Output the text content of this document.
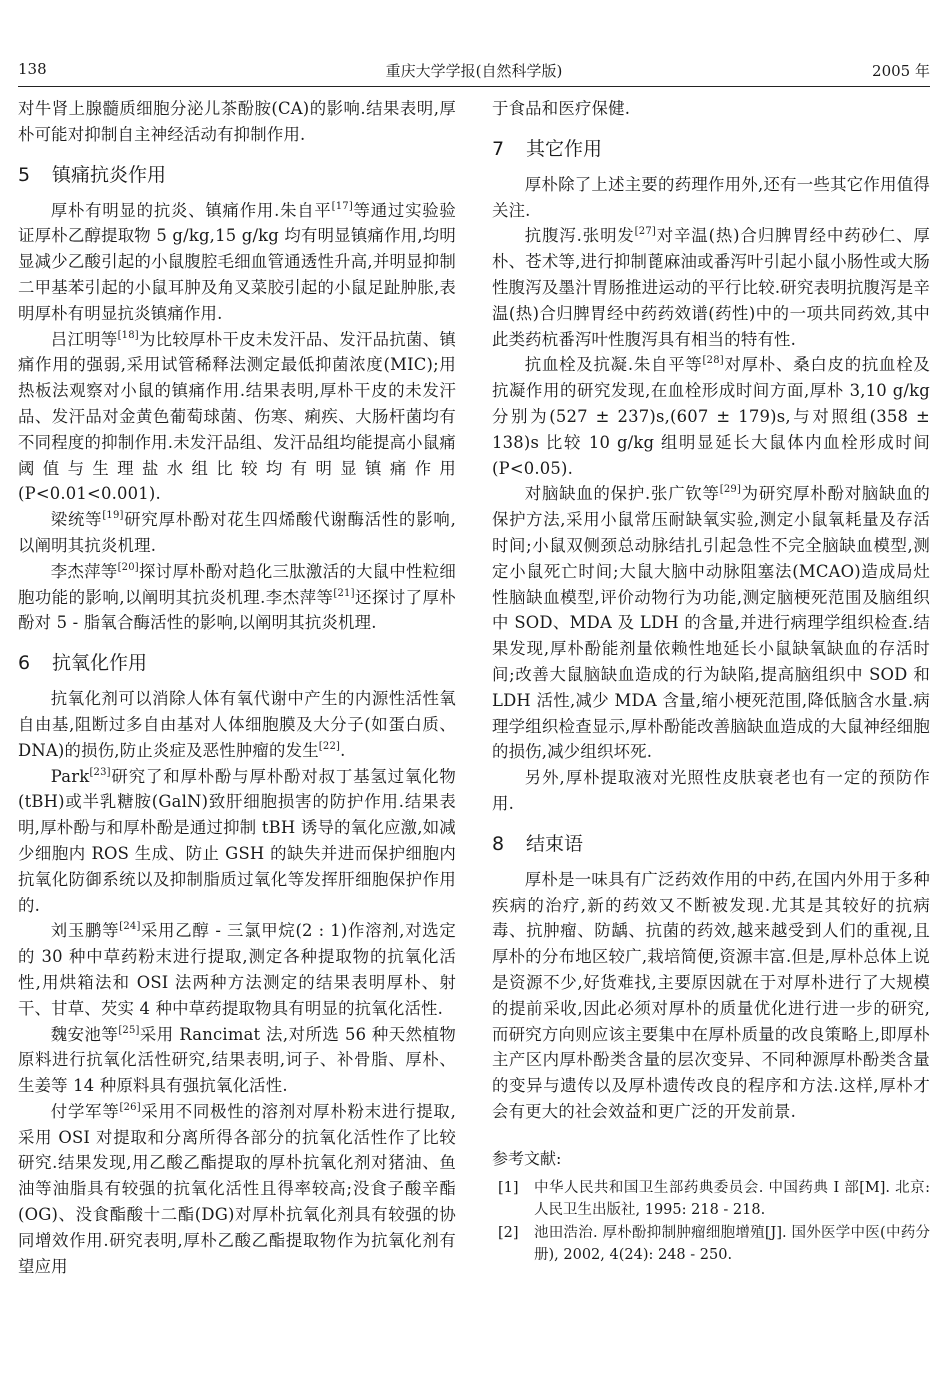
138	重庆大学学报(自然科学版)	2005 年

对牛肾上腺髓质细胞分泌儿茶酚胺(CA)的影响.结果表明,厚朴可能对抑制自主神经活动有抑制作用.

5 镇痛抗炎作用

厚朴有明显的抗炎、镇痛作用.朱自平[17]等通过实验验证厚朴乙醇提取物 5 g/kg,15 g/kg 均有明显镇痛作用,均明显减少乙酸引起的小鼠腹腔毛细血管通透性升高,并明显抑制二甲基苯引起的小鼠耳肿及角叉菜胶引起的小鼠足趾肿胀,表明厚朴有明显抗炎镇痛作用.

吕江明等[18]为比较厚朴干皮未发汗品、发汗品抗菌、镇痛作用的强弱,采用试管稀释法测定最低抑菌浓度(MIC);用热板法观察对小鼠的镇痛作用.结果表明,厚朴干皮的未发汗品、发汗品对金黄色葡萄球菌、伤寒、痢疾、大肠杆菌均有不同程度的抑制作用.未发汗品组、发汗品组均能提高小鼠痛阈值与生理盐水组比较均有明显镇痛作用(P<0.01<0.001).

梁统等[19]研究厚朴酚对花生四烯酸代谢酶活性的影响,以阐明其抗炎机理.

李杰萍等[20]探讨厚朴酚对趋化三肽激活的大鼠中性粒细胞功能的影响,以阐明其抗炎机理.李杰萍等[21]还探讨了厚朴酚对 5 - 脂氧合酶活性的影响,以阐明其抗炎机理.

6 抗氧化作用

抗氧化剂可以消除人体有氧代谢中产生的内源性活性氧自由基,阻断过多自由基对人体细胞膜及大分子(如蛋白质、DNA)的损伤,防止炎症及恶性肿瘤的发生[22].

Park[23]研究了和厚朴酚与厚朴酚对叔丁基氢过氧化物(tBH)或半乳糖胺(GalN)致肝细胞损害的防护作用.结果表明,厚朴酚与和厚朴酚是通过抑制 tBH 诱导的氧化应激,如减少细胞内 ROS 生成、防止 GSH 的缺失并进而保护细胞内抗氧化防御系统以及抑制脂质过氧化等发挥肝细胞保护作用的.

刘玉鹏等[24]采用乙醇 - 三氯甲烷(2 : 1)作溶剂,对选定的 30 种中草药粉末进行提取,测定各种提取物的抗氧化活性,用烘箱法和 OSI 法两种方法测定的结果表明厚朴、射干、甘草、芡实 4 种中草药提取物具有明显的抗氧化活性.

魏安池等[25]采用 Rancimat 法,对所选 56 种天然植物原料进行抗氧化活性研究,结果表明,诃子、补骨脂、厚朴、生姜等 14 种原料具有强抗氧化活性.

付学军等[26]采用不同极性的溶剂对厚朴粉末进行提取,采用 OSI 对提取和分离所得各部分的抗氧化活性作了比较研究.结果发现,用乙酸乙酯提取的厚朴抗氧化剂对猪油、鱼油等油脂具有较强的抗氧化活性且得率较高;没食子酸辛酯(OG)、没食酯酸十二酯(DG)对厚朴抗氧化剂具有较强的协同增效作用.研究表明,厚朴乙酸乙酯提取物作为抗氧化剂有望应用

于食品和医疗保健.

7 其它作用

厚朴除了上述主要的药理作用外,还有一些其它作用值得关注.

抗腹泻.张明发[27]对辛温(热)合归脾胃经中药砂仁、厚朴、苍术等,进行抑制蓖麻油或番泻叶引起小鼠小肠性或大肠性腹泻及墨汁胃肠推进运动的平行比较.研究表明抗腹泻是辛温(热)合归脾胃经中药药效谱(药性)中的一项共同药效,其中此类药杭番泻叶性腹泻具有相当的特有性.

抗血栓及抗凝.朱自平等[28]对厚朴、桑白皮的抗血栓及抗凝作用的研究发现,在血栓形成时间方面,厚朴 3,10 g/kg 分别为(527 ± 237)s,(607 ± 179)s,与对照组(358 ± 138)s 比较 10 g/kg 组明显延长大鼠体内血栓形成时间(P<0.05).

对脑缺血的保护.张广钦等[29]为研究厚朴酚对脑缺血的保护方法,采用小鼠常压耐缺氧实验,测定小鼠氧耗量及存活时间;小鼠双侧颈总动脉结扎引起急性不完全脑缺血模型,测定小鼠死亡时间;大鼠大脑中动脉阻塞法(MCAO)造成局灶性脑缺血模型,评价动物行为功能,测定脑梗死范围及脑组织中 SOD、MDA 及 LDH 的含量,并进行病理学组织检查.结果发现,厚朴酚能剂量依赖性地延长小鼠缺氧缺血的存活时间;改善大鼠脑缺血造成的行为缺陷,提高脑组织中 SOD 和 LDH 活性,减少 MDA 含量,缩小梗死范围,降低脑含水量.病理学组织检查显示,厚朴酚能改善脑缺血造成的大鼠神经细胞的损伤,减少组织坏死.

另外,厚朴提取液对光照性皮肤衰老也有一定的预防作用.

8 结束语

厚朴是一味具有广泛药效作用的中药,在国内外用于多种疾病的治疗,新的药效又不断被发现.尤其是其较好的抗病毒、抗肿瘤、防龋、抗菌的药效,越来越受到人们的重视,且厚朴的分布地区较广,栽培简便,资源丰富.但是,厚朴总体上说是资源不少,好货难找,主要原因就在于对厚朴进行了大规模的提前采收,因此必须对厚朴的质量优化进行进一步的研究,而研究方向则应该主要集中在厚朴质量的改良策略上,即厚朴主产区内厚朴酚类含量的层次变异、不同种源厚朴酚类含量的变异与遗传以及厚朴遗传改良的程序和方法.这样,厚朴才会有更大的社会效益和更广泛的开发前景.

参考文献:
[1] 中华人民共和国卫生部药典委员会. 中国药典 I 部[M]. 北京: 人民卫生出版社, 1995: 218 - 218.
[2] 池田浩治. 厚朴酚抑制肿瘤细胞增殖[J]. 国外医学中医(中药分册), 2002, 4(24): 248 - 250.
